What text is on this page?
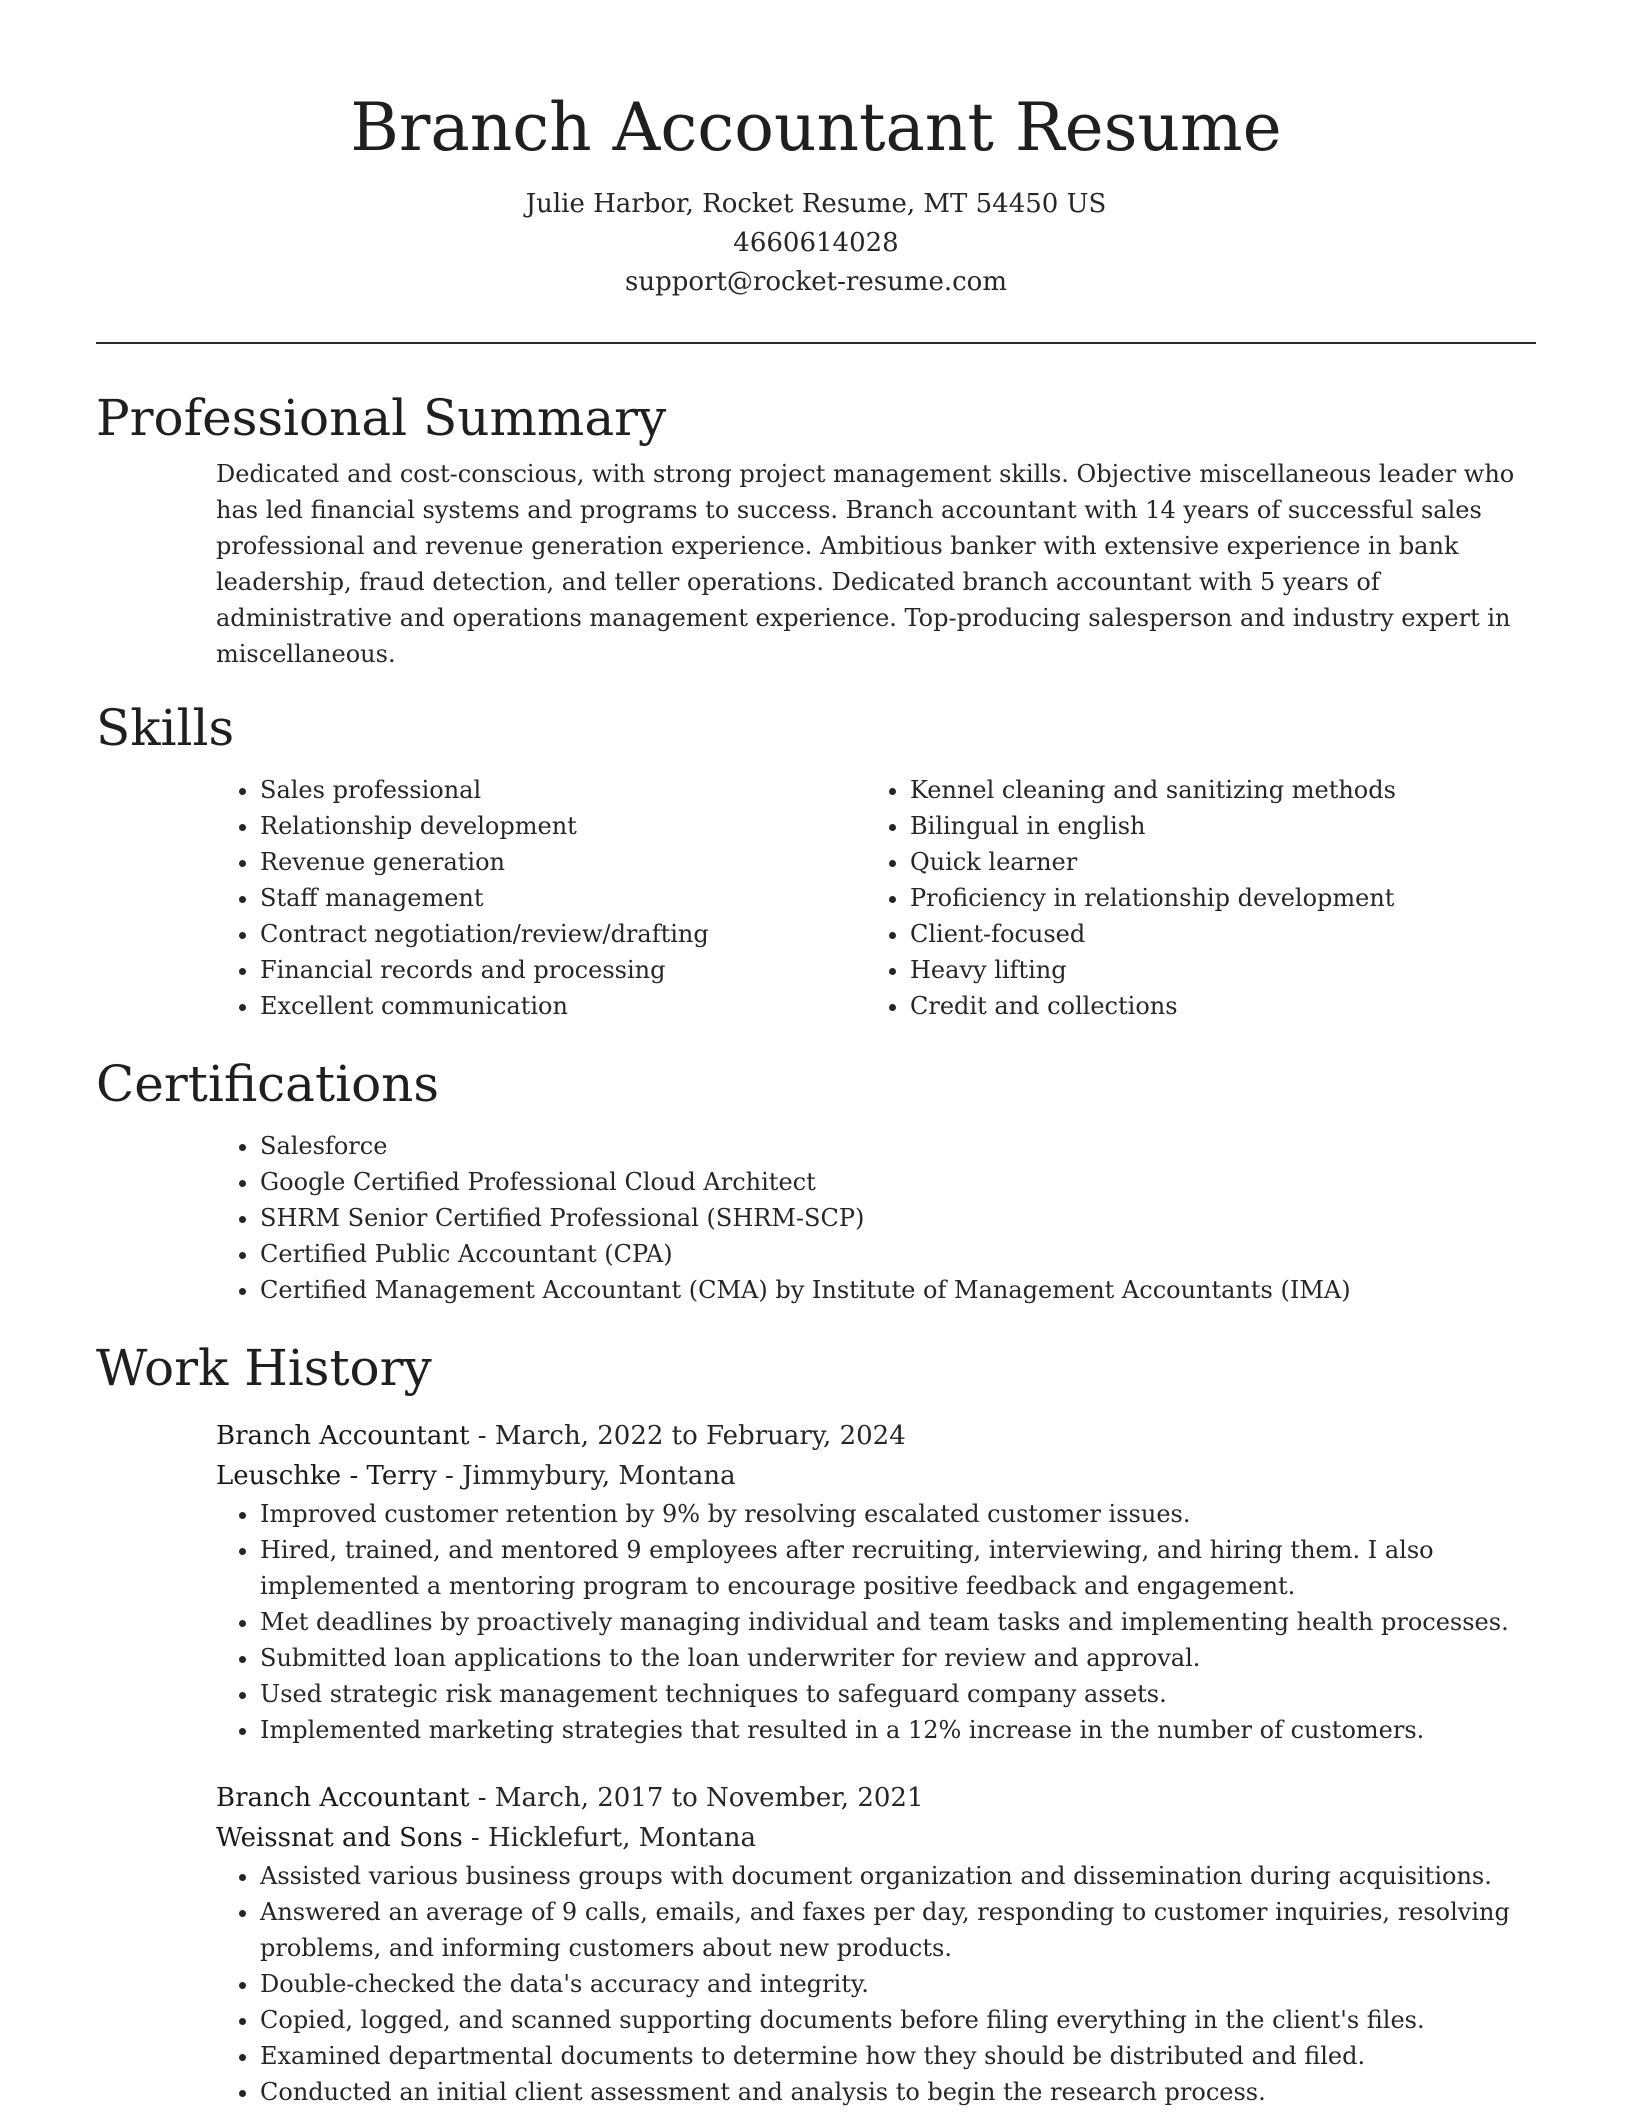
Branch Accountant Resume
Julie Harbor, Rocket Resume, MT 54450 US
4660614028
support@rocket-resume.com
Professional Summary

Dedicated and cost-conscious, with strong project management skills. Objective miscellaneous leader who has led financial systems and programs to success. Branch accountant with 14 years of successful sales professional and revenue generation experience. Ambitious banker with extensive experience in bank leadership, fraud detection, and teller operations. Dedicated branch accountant with 5 years of administrative and operations management experience. Top-producing salesperson and industry expert in miscellaneous.

Skills
• Sales professional
• Relationship development
• Revenue generation
• Staff management
• Contract negotiation/review/drafting
• Financial records and processing
• Excellent communication
• Kennel cleaning and sanitizing methods
• Bilingual in english
• Quick learner
• Proficiency in relationship development
• Client-focused
• Heavy lifting
• Credit and collections
Certifications
• Salesforce
• Google Certified Professional Cloud Architect
• SHRM Senior Certified Professional (SHRM-SCP)
• Certified Public Accountant (CPA)
• Certified Management Accountant (CMA) by Institute of Management Accountants (IMA)
Work History
Branch Accountant - March, 2022 to February, 2024
Leuschke - Terry - Jimmybury, Montana
• Improved customer retention by 9% by resolving escalated customer issues.
• Hired, trained, and mentored 9 employees after recruiting, interviewing, and hiring them. I also implemented a mentoring program to encourage positive feedback and engagement.
• Met deadlines by proactively managing individual and team tasks and implementing health processes.
• Submitted loan applications to the loan underwriter for review and approval.
• Used strategic risk management techniques to safeguard company assets.
• Implemented marketing strategies that resulted in a 12% increase in the number of customers.
Branch Accountant - March, 2017 to November, 2021
Weissnat and Sons - Hicklefurt, Montana
• Assisted various business groups with document organization and dissemination during acquisitions.
• Answered an average of 9 calls, emails, and faxes per day, responding to customer inquiries, resolving problems, and informing customers about new products.
• Double-checked the data's accuracy and integrity.
• Copied, logged, and scanned supporting documents before filing everything in the client's files.
• Examined departmental documents to determine how they should be distributed and filed.
• Conducted an initial client assessment and analysis to begin the research process.
